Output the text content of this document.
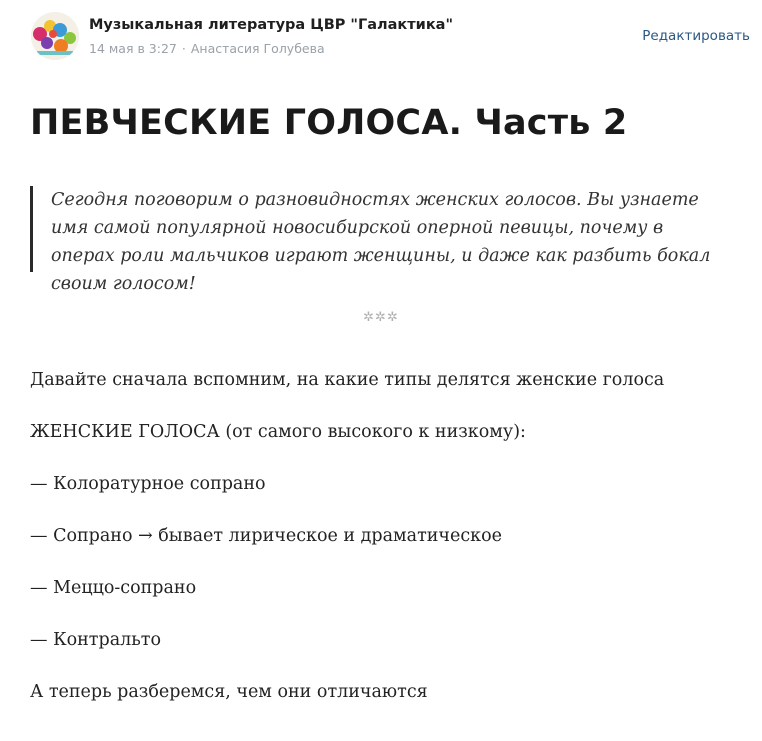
Музыкальная литература ЦВР "Галактика"
14 мая в 3:27 · Анастасия Голубева
Редактировать
ПЕВЧЕСКИЕ ГОЛОСА. Часть 2

Сегодня поговорим о разновидностях женских голосов. Вы узнаете имя самой популярной новосибирской оперной певицы, почему в операх роли мальчиков играют женщины, и даже как разбить бокал своим голосом!

✲✲✲

Давайте сначала вспомним, на какие типы делятся женские голоса

ЖЕНСКИЕ ГОЛОСА (от самого высокого к низкому):

— Колоратурное сопрано

— Сопрано → бывает лирическое и драматическое

— Меццо-сопрано

— Контральто

А теперь разберемся, чем они отличаются
